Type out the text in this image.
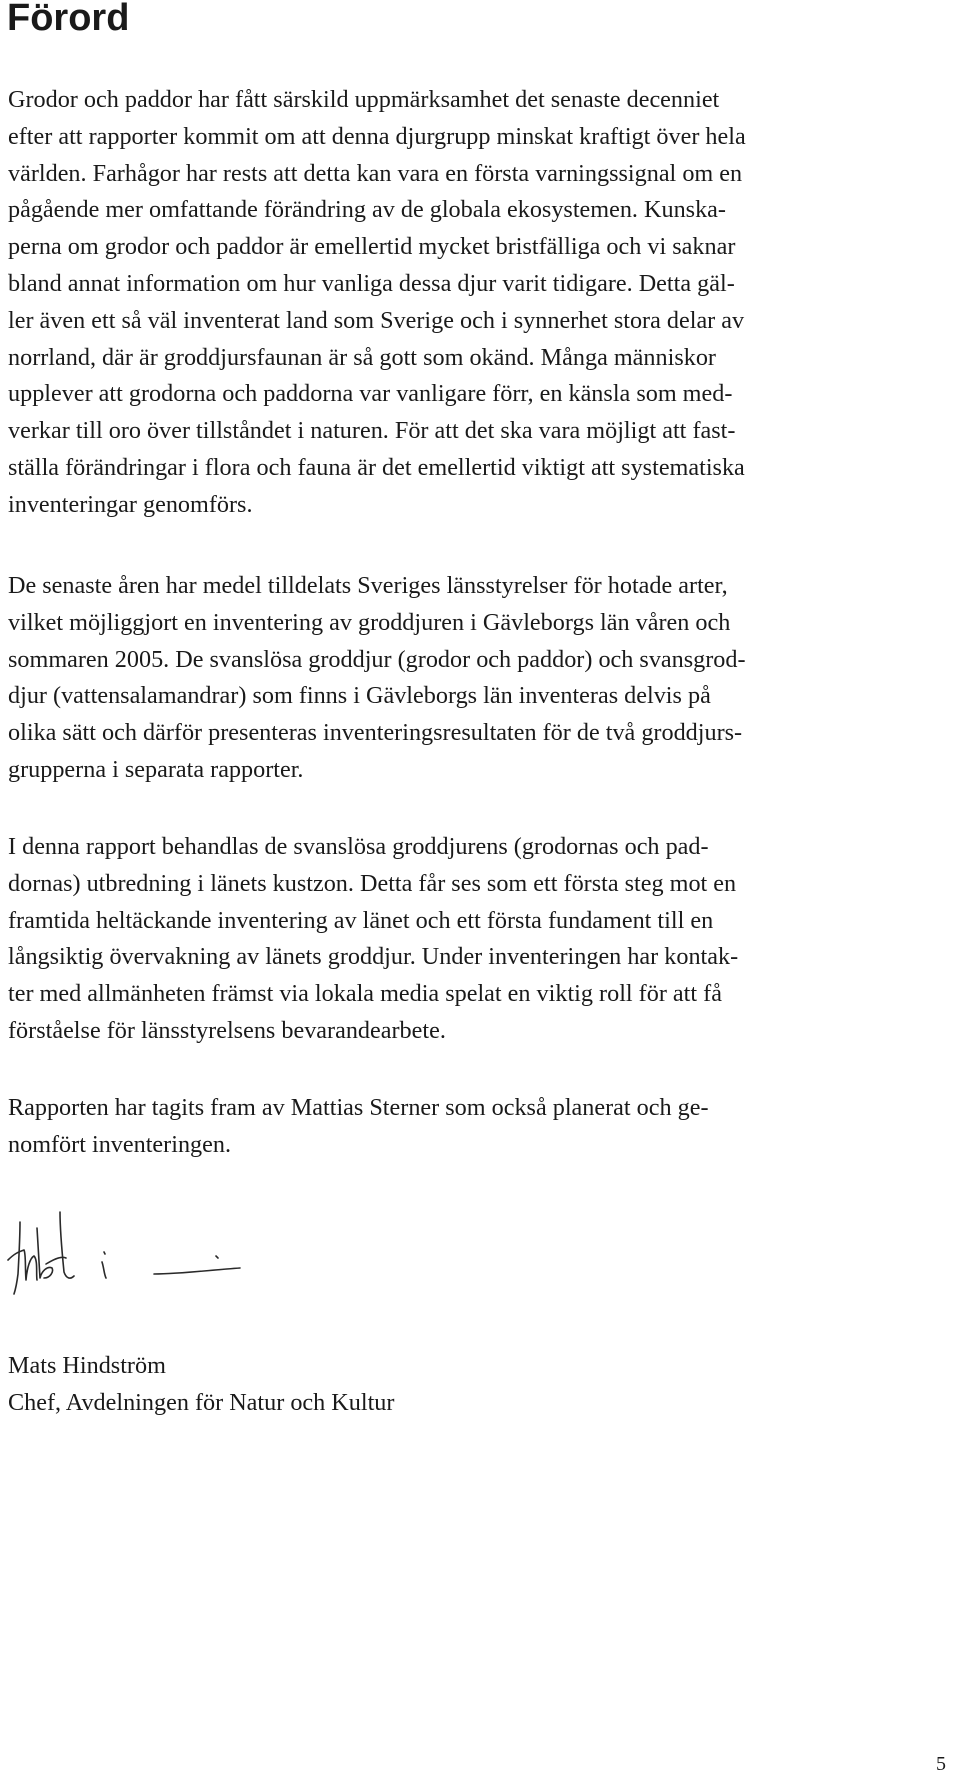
Förord

Grodor och paddor har fått särskild uppmärksamhet det senaste decenniet
efter att rapporter kommit om att denna djurgrupp minskat kraftigt över hela
världen. Farhågor har rests att detta kan vara en första varningssignal om en
pågående mer omfattande förändring av de globala ekosystemen. Kunska-
perna om grodor och paddor är emellertid mycket bristfälliga och vi saknar
bland annat information om hur vanliga dessa djur varit tidigare. Detta gäl-
ler även ett så väl inventerat land som Sverige och i synnerhet stora delar av
norrland, där är groddjursfaunan är så gott som okänd. Många människor
upplever att grodorna och paddorna var vanligare förr, en känsla som med-
verkar till oro över tillståndet i naturen. För att det ska vara möjligt att fast-
ställa förändringar i flora och fauna är det emellertid viktigt att systematiska
inventeringar genomförs.

De senaste åren har medel tilldelats Sveriges länsstyrelser för hotade arter,
vilket möjliggjort en inventering av groddjuren i Gävleborgs län våren och
sommaren 2005. De svanslösa groddjur (grodor och paddor) och svansgrod-
djur (vattensalamandrar) som finns i Gävleborgs län inventeras delvis på
olika sätt och därför presenteras inventeringsresultaten för de två groddjurs-
grupperna i separata rapporter.

I denna rapport behandlas de svanslösa groddjurens (grodornas och pad-
dornas) utbredning i länets kustzon. Detta får ses som ett första steg mot en
framtida heltäckande inventering av länet och ett första fundament till en
långsiktig övervakning av länets groddjur. Under inventeringen har kontak-
ter med allmänheten främst via lokala media spelat en viktig roll för att få
förståelse för länsstyrelsens bevarandearbete.

Rapporten har tagits fram av Mattias Sterner som också planerat och ge-
nomfört inventeringen.

Mats Hindström
Chef, Avdelningen för Natur och Kultur
5
